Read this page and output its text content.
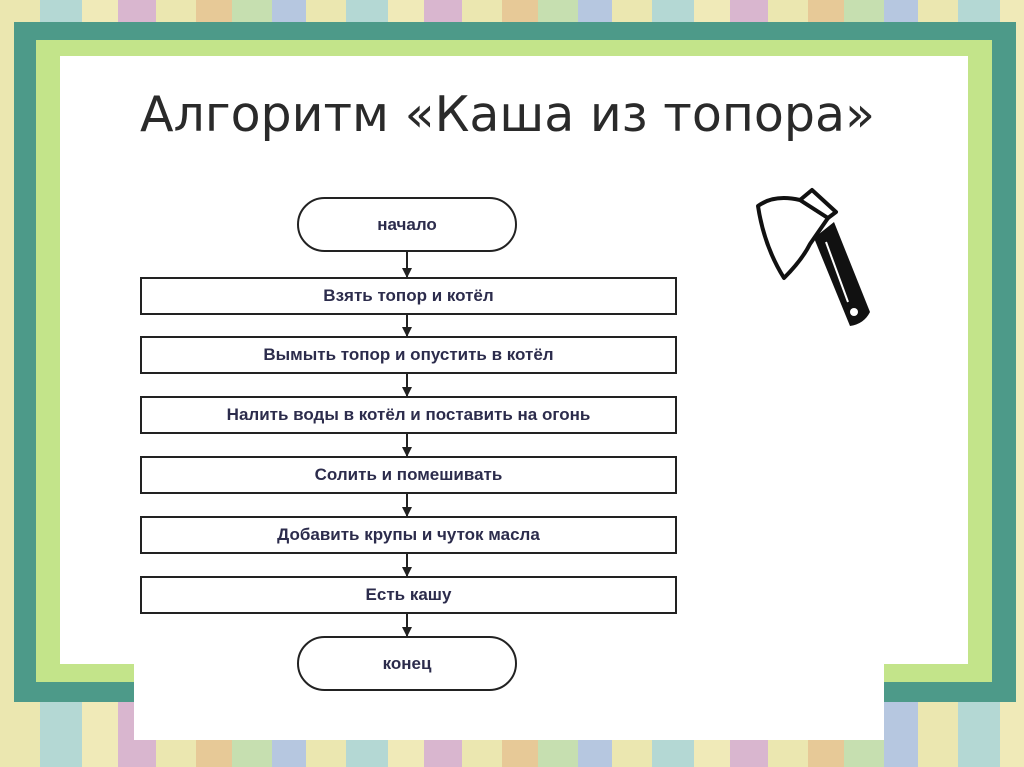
Алгоритм «Каша из топора»
начало
Взять топор и котёл
Вымыть топор и опустить в котёл
Налить воды в котёл и поставить на огонь
Солить и помешивать
Добавить крупы и чуток масла
Есть кашу
конец
